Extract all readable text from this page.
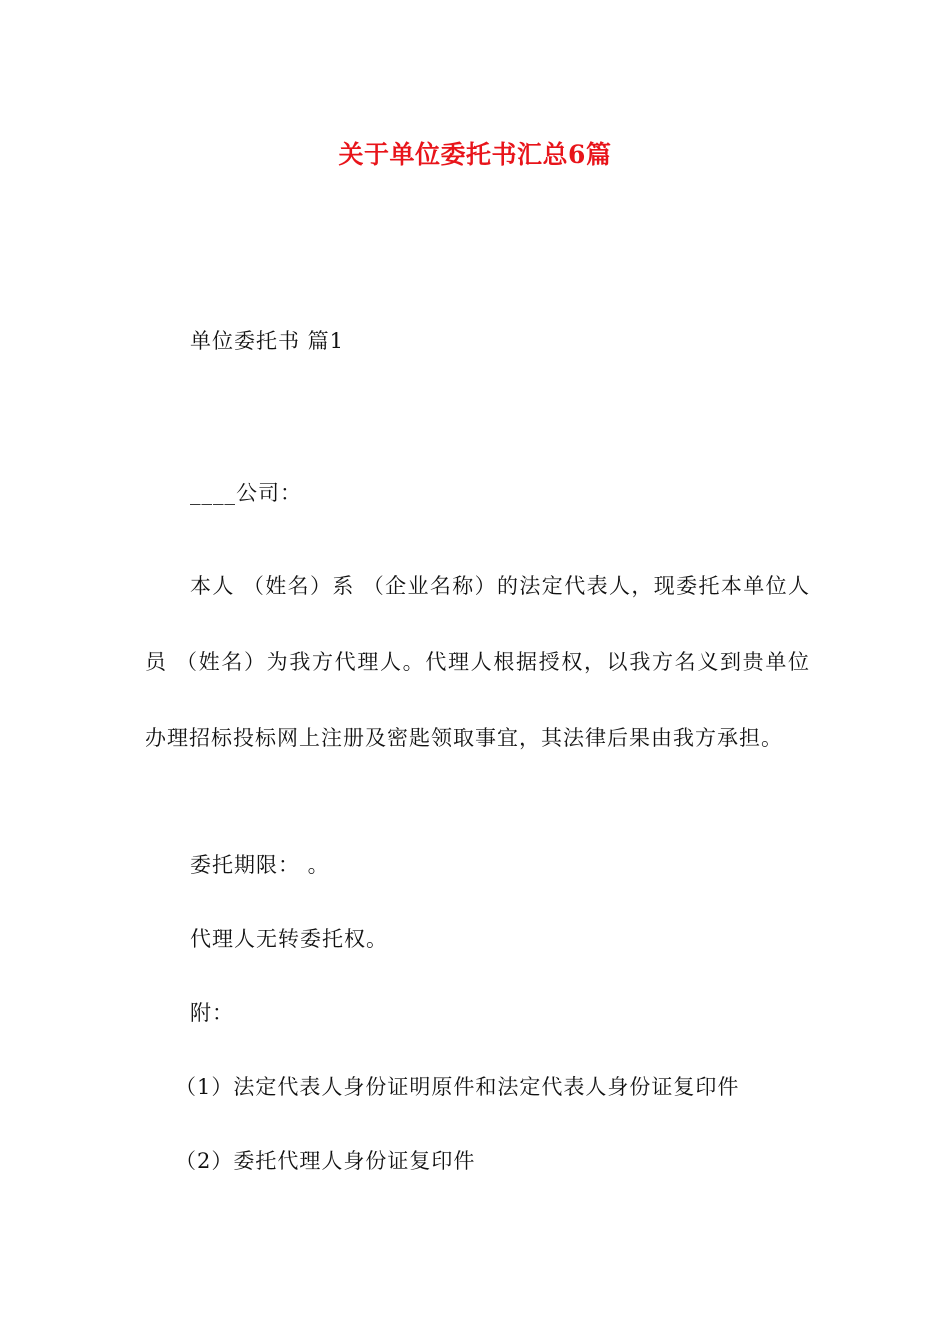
关于单位委托书汇总6篇
单位委托书 篇1
____公司：
本人 （姓名）系 （企业名称）的法定代表人，现委托本单位人员 （姓名）为我方代理人。代理人根据授权，以我方名义到贵单位办理招标投标网上注册及密匙领取事宜，其法律后果由我方承担。
委托期限： 。
代理人无转委托权。
附：
（1）法定代表人身份证明原件和法定代表人身份证复印件
（2）委托代理人身份证复印件
